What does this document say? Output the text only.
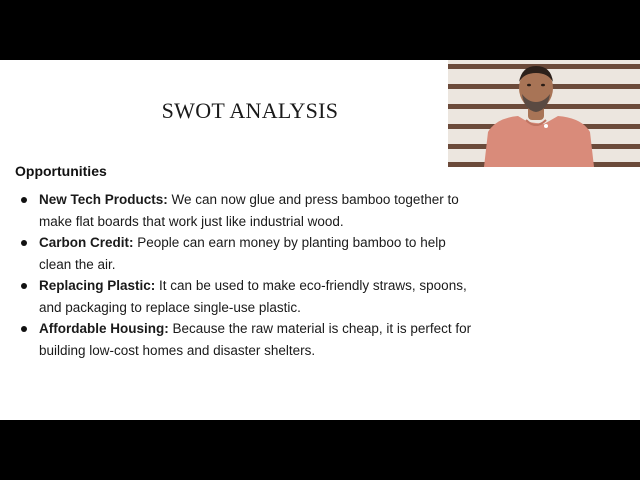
SWOT ANALYSIS
Opportunities
New Tech Products: We can now glue and press bamboo together to make flat boards that work just like industrial wood.
Carbon Credit: People can earn money by planting bamboo to help clean the air.
Replacing Plastic: It can be used to make eco-friendly straws, spoons, and packaging to replace single-use plastic.
Affordable Housing: Because the raw material is cheap, it is perfect for building low-cost homes and disaster shelters.
